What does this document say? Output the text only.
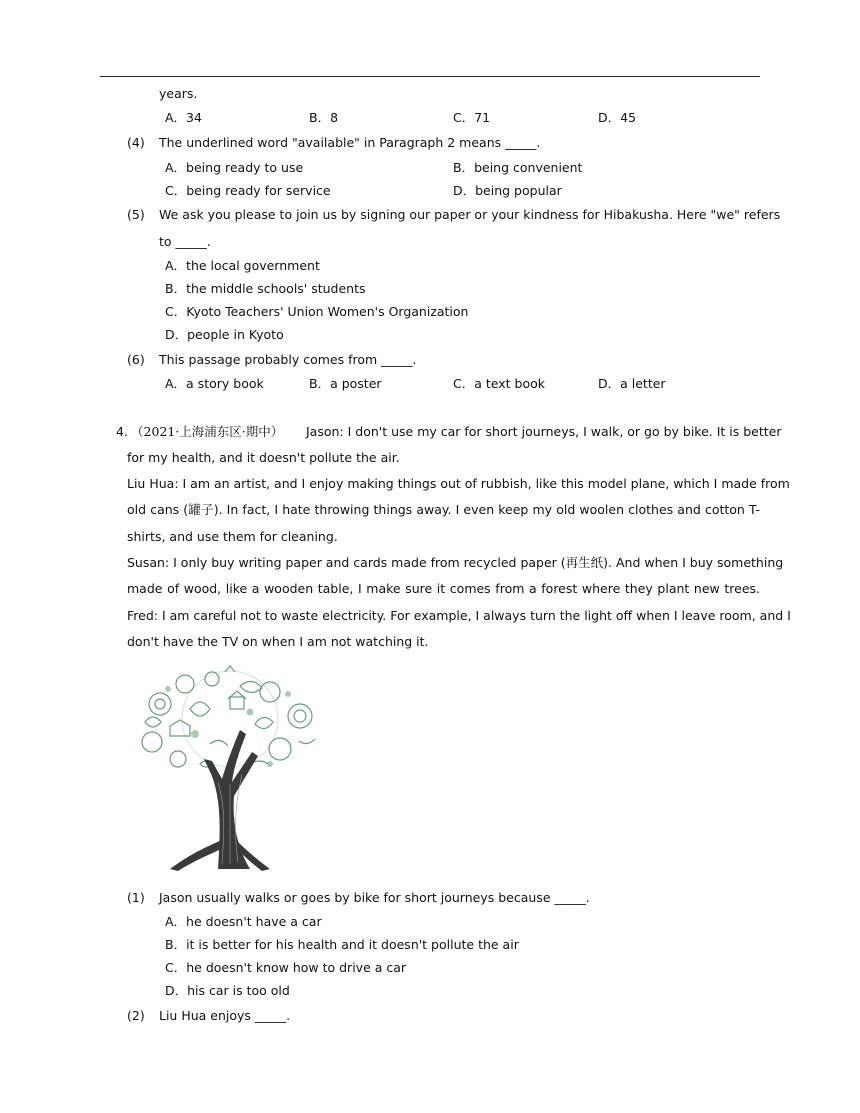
years.
A．34	B．8	C．71	D．45
(4) The underlined word "available" in Paragraph 2 means _____.
A．being ready to use	B．being convenient
C．being ready for service	D．being popular
(5) We ask you please to join us by signing our paper or your kindness for Hibakusha. Here "we" refers
to _____.
A．the local government
B．the middle schools' students
C．Kyoto Teachers' Union Women's Organization
D．people in Kyoto
(6) This passage probably comes from _____.
A．a story book	B．a poster	C．a text book	D．a letter
4. （2021·上海浦东区·期中） Jason: I don't use my car for short journeys, I walk, or go by bike. It is better
for my health, and it doesn't pollute the air.
Liu Hua: I am an artist, and I enjoy making things out of rubbish, like this model plane, which I made from
old cans (罐子). In fact, I hate throwing things away. I even keep my old woolen clothes and cotton T-
shirts, and use them for cleaning.
Susan: I only buy writing paper and cards made from recycled paper (再生纸). And when I buy something
made of wood, like a wooden table, I make sure it comes from a forest where they plant new trees.
Fred: I am careful not to waste electricity. For example, I always turn the light off when I leave room, and I
don't have the TV on when I am not watching it.
(1) Jason usually walks or goes by bike for short journeys because _____.
A．he doesn't have a car
B．it is better for his health and it doesn't pollute the air
C．he doesn't know how to drive a car
D．his car is too old
(2) Liu Hua enjoys _____.
